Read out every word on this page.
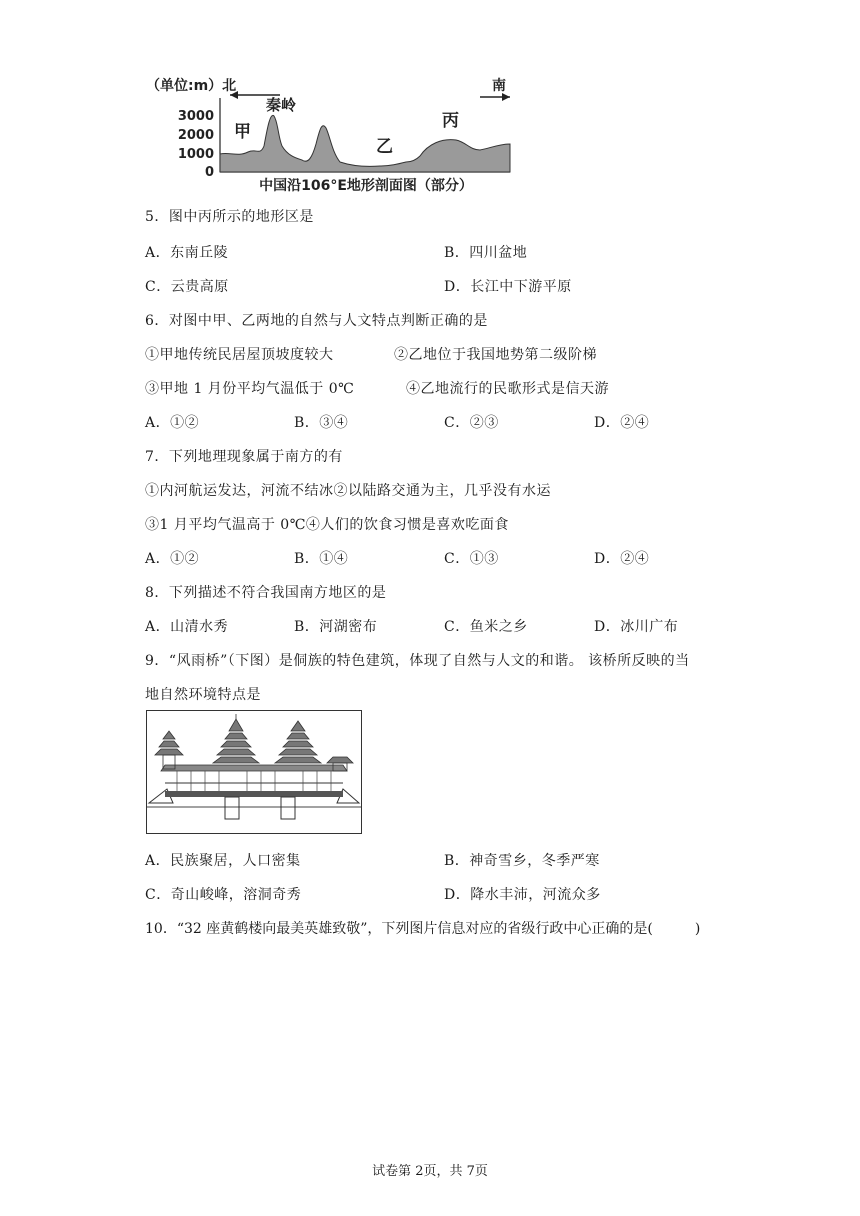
（单位:m）北	南
3000
2000
1000
0
秦岭
甲
乙
丙
中国沿106°E地形剖面图（部分）
5．图中丙所示的地形区是
A．东南丘陵	B．四川盆地
C．云贵高原	D．长江中下游平原
6．对图中甲、乙两地的自然与人文特点判断正确的是
①甲地传统民居屋顶坡度较大	②乙地位于我国地势第二级阶梯
③甲地 1 月份平均气温低于 0℃	④乙地流行的民歌形式是信天游
A．①②	B．③④	C．②③	D．②④
7．下列地理现象属于南方的有
①内河航运发达，河流不结冰②以陆路交通为主，几乎没有水运
③1 月平均气温高于 0℃④人们的饮食习惯是喜欢吃面食
A．①②	B．①④	C．①③	D．②④
8．下列描述不符合我国南方地区的是
A．山清水秀	B．河湖密布	C．鱼米之乡	D．冰川广布
9．“风雨桥”（下图）是侗族的特色建筑，体现了自然与人文的和谐。 该桥所反映的当
地自然环境特点是
A．民族聚居，人口密集	B．神奇雪乡，冬季严寒
C．奇山峻峰，溶洞奇秀	D．降水丰沛，河流众多
10．“32 座黄鹤楼向最美英雄致敬”，下列图片信息对应的省级行政中心正确的是(　　　)
试卷第 2页，共 7页
